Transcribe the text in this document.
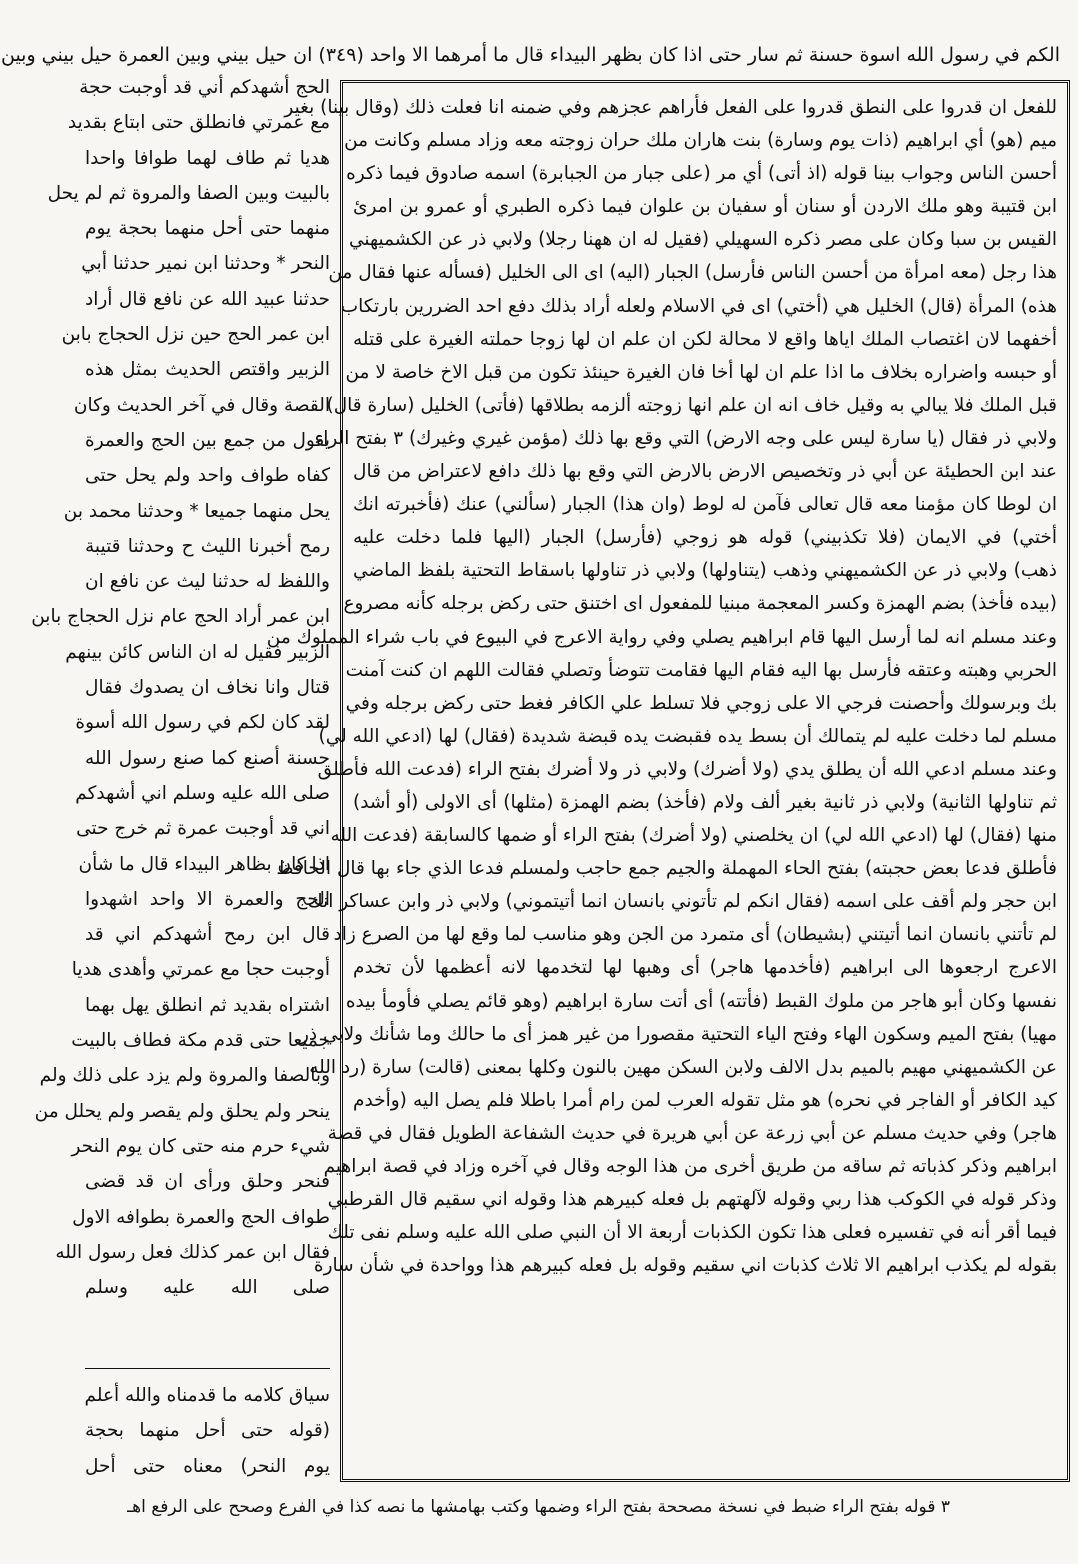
الكم في رسول الله اسوة حسنة ثم سار حتى اذا كان بظهر البيداء قال ما أمرهما الا واحد (٣٤٩) ان حيل بيني وبين العمرة حيل بيني وبين
الحج أشهدكم أني قد أوجبت حجة
مع عمرتي فانطلق حتى ابتاع بقديد
هديا ثم طاف لهما طوافا واحدا
بالبيت وبين الصفا والمروة ثم لم يحل
منهما حتى أحل منهما بحجة يوم
النحر * وحدثنا ابن نمير حدثنا أبي
حدثنا عبيد الله عن نافع قال أراد
ابن عمر الحج حين نزل الحجاج بابن
الزبير واقتص الحديث بمثل هذه
القصة وقال في آخر الحديث وكان
يقول من جمع بين الحج والعمرة
كفاه طواف واحد ولم يحل حتى
يحل منهما جميعا * وحدثنا محمد بن
رمح أخبرنا الليث ح وحدثنا قتيبة
واللفظ له حدثنا ليث عن نافع ان
ابن عمر أراد الحج عام نزل الحجاج بابن
الزبير فقيل له ان الناس كائن بينهم
قتال وانا نخاف ان يصدوك فقال
لقد كان لكم في رسول الله أسوة
حسنة أصنع كما صنع رسول الله
صلى الله عليه وسلم اني أشهدكم
اني قد أوجبت عمرة ثم خرج حتى
اذا كان بظاهر البيداء قال ما شأن
الحج والعمرة الا واحد اشهدوا
قال ابن رمح أشهدكم اني قد
أوجبت حجا مع عمرتي وأهدى هديا
اشتراه بقديد ثم انطلق يهل بهما
جميعا حتى قدم مكة فطاف بالبيت
وبالصفا والمروة ولم يزد على ذلك ولم
ينحر ولم يحلق ولم يقصر ولم يحلل من
شيء حرم منه حتى كان يوم النحر
فنحر وحلق ورأى ان قد قضى
طواف الحج والعمرة بطوافه الاول
فقال ابن عمر كذلك فعل رسول الله
صلى الله عليه وسلم
سياق كلامه ما قدمناه والله أعلم
(قوله حتى أحل منهما بحجة
يوم النحر) معناه حتى أحل
للفعل ان قدروا على النطق قدروا على الفعل فأراهم عجزهم وفي ضمنه انا فعلت ذلك (وقال بينا) بغير
ميم (هو) أي ابراهيم (ذات يوم وسارة) بنت هاران ملك حران زوجته معه وزاد مسلم وكانت من
أحسن الناس وجواب بينا قوله (اذ أتى) أي مر (على جبار من الجبابرة) اسمه صادوق فيما ذكره
ابن قتيبة وهو ملك الاردن أو سنان أو سفيان بن علوان فيما ذكره الطبري أو عمرو بن امرئ
القيس بن سبا وكان على مصر ذكره السهيلي (فقيل له ان ههنا رجلا) ولابي ذر عن الكشميهني
هذا رجل (معه امرأة من أحسن الناس فأرسل) الجبار (اليه) اى الى الخليل (فسأله عنها فقال من
هذه) المرأة (قال) الخليل هي (أختي) اى في الاسلام ولعله أراد بذلك دفع احد الضررين بارتكاب
أخفهما لان اغتصاب الملك اياها واقع لا محالة لكن ان علم ان لها زوجا حملته الغيرة على قتله
أو حبسه واضراره بخلاف ما اذا علم ان لها أخا فان الغيرة حينئذ تكون من قبل الاخ خاصة لا من
قبل الملك فلا يبالي به وقيل خاف انه ان علم انها زوجته ألزمه بطلاقها (فأتى) الخليل (سارة قال)
ولابي ذر فقال (يا سارة ليس على وجه الارض) التي وقع بها ذلك (مؤمن غيري وغيرك) ٣ بفتح الراء
عند ابن الحطيئة عن أبي ذر وتخصيص الارض بالارض التي وقع بها ذلك دافع لاعتراض من قال
ان لوطا كان مؤمنا معه قال تعالى فآمن له لوط (وان هذا) الجبار (سألني) عنك (فأخبرته انك
أختي) في الايمان (فلا تكذبيني) قوله هو زوجي (فأرسل) الجبار (اليها فلما دخلت عليه
ذهب) ولابي ذر عن الكشميهني وذهب (يتناولها) ولابي ذر تناولها باسقاط التحتية بلفظ الماضي
(بيده فأخذ) بضم الهمزة وكسر المعجمة مبنيا للمفعول اى اختنق حتى ركض برجله كأنه مصروع
وعند مسلم انه لما أرسل اليها قام ابراهيم يصلي وفي رواية الاعرج في البيوع في باب شراء المملوك من
الحربي وهبته وعتقه فأرسل بها اليه فقام اليها فقامت تتوضأ وتصلي فقالت اللهم ان كنت آمنت
بك وبرسولك وأحصنت فرجي الا على زوجي فلا تسلط علي الكافر فغط حتى ركض برجله وفي
مسلم لما دخلت عليه لم يتمالك أن بسط يده فقبضت يده قبضة شديدة (فقال) لها (ادعي الله لي)
وعند مسلم ادعي الله أن يطلق يدي (ولا أضرك) ولابي ذر ولا أضرك بفتح الراء (فدعت الله فأطلق
ثم تناولها الثانية) ولابي ذر ثانية بغير ألف ولام (فأخذ) بضم الهمزة (مثلها) أى الاولى (أو أشد)
منها (فقال) لها (ادعي الله لي) ان يخلصني (ولا أضرك) بفتح الراء أو ضمها كالسابقة (فدعت الله
فأطلق فدعا بعض حجبته) بفتح الحاء المهملة والجيم جمع حاجب ولمسلم فدعا الذي جاء بها قال الحافظ
ابن حجر ولم أقف على اسمه (فقال انكم لم تأتوني بانسان انما أتيتموني) ولابي ذر وابن عساكر انك
لم تأتني بانسان انما أتيتني (بشيطان) أى متمرد من الجن وهو مناسب لما وقع لها من الصرع زاد
الاعرج ارجعوها الى ابراهيم (فأخدمها هاجر) أى وهبها لها لتخدمها لانه أعظمها لأن تخدم
نفسها وكان أبو هاجر من ملوك القبط (فأتته) أى أتت سارة ابراهيم (وهو قائم يصلي فأومأ بيده
مهيا) بفتح الميم وسكون الهاء وفتح الياء التحتية مقصورا من غير همز أى ما حالك وما شأنك ولابي ذر
عن الكشميهني مهيم بالميم بدل الالف ولابن السكن مهين بالنون وكلها بمعنى (قالت) سارة (رد الله
كيد الكافر أو الفاجر في نحره) هو مثل تقوله العرب لمن رام أمرا باطلا فلم يصل اليه (وأخدم
هاجر) وفي حديث مسلم عن أبي زرعة عن أبي هريرة في حديث الشفاعة الطويل فقال في قصة
ابراهيم وذكر كذباته ثم ساقه من طريق أخرى من هذا الوجه وقال في آخره وزاد في قصة ابراهيم
وذكر قوله في الكوكب هذا ربي وقوله لآلهتهم بل فعله كبيرهم هذا وقوله اني سقيم قال القرطبي
فيما أقر أنه في تفسيره فعلى هذا تكون الكذبات أربعة الا أن النبي صلى الله عليه وسلم نفى تلك
بقوله لم يكذب ابراهيم الا ثلاث كذبات اني سقيم وقوله بل فعله كبيرهم هذا وواحدة في شأن سارة
٣ قوله بفتح الراء ضبط في نسخة مصححة بفتح الراء وضمها وكتب بهامشها ما نصه كذا في الفرع وصحح على الرفع اهـ
